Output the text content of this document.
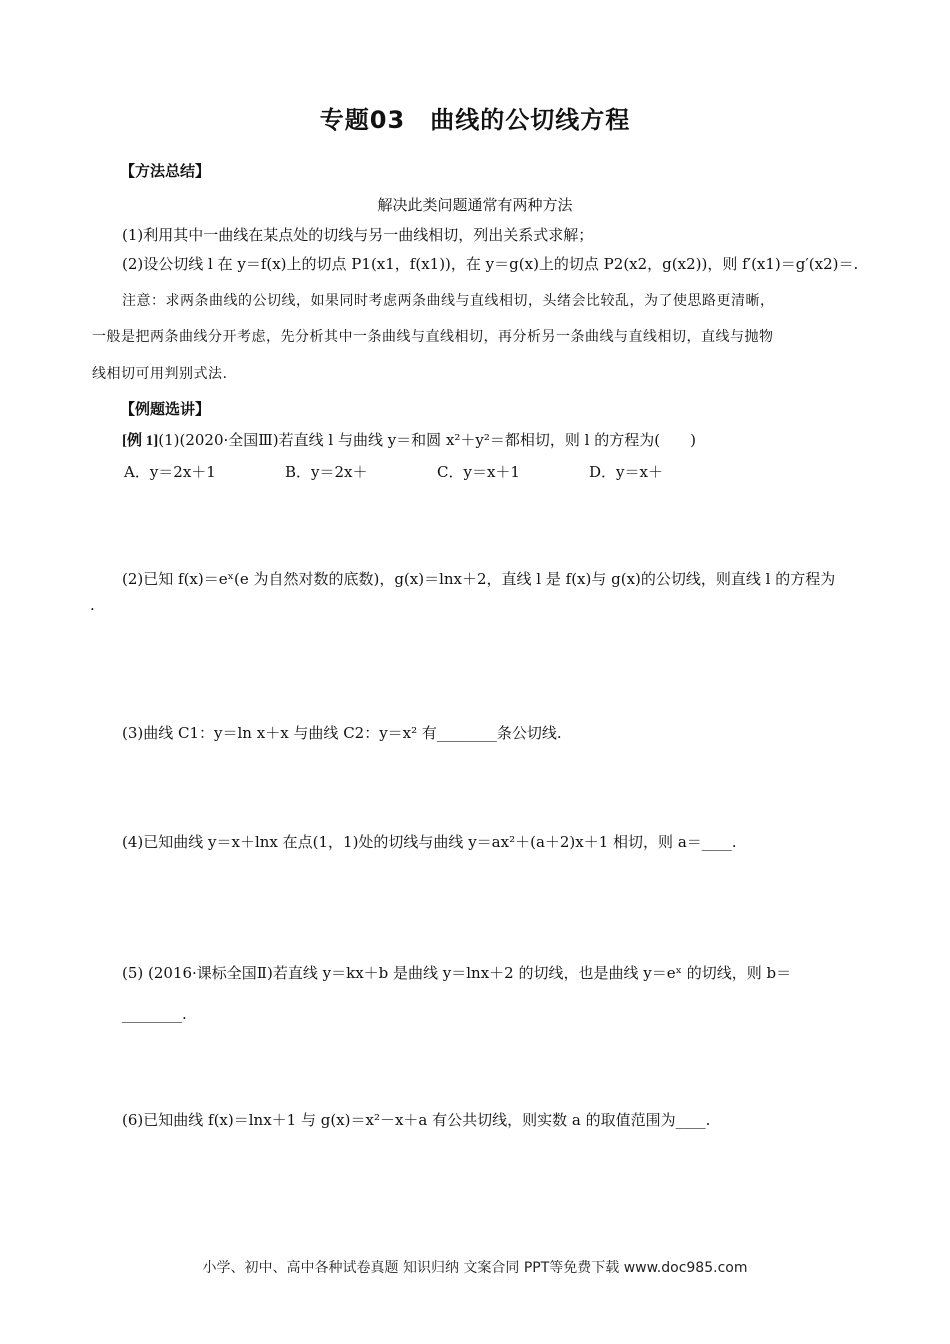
专题03　曲线的公切线方程
【方法总结】
解决此类问题通常有两种方法
(1)利用其中一曲线在某点处的切线与另一曲线相切，列出关系式求解；
(2)设公切线 l 在 y＝f(x)上的切点 P1(x1，f(x1))，在 y＝g(x)上的切点 P2(x2，g(x2))，则 f′(x1)＝g′(x2)＝.
注意：求两条曲线的公切线，如果同时考虑两条曲线与直线相切，头绪会比较乱，为了使思路更清晰，
一般是把两条曲线分开考虑，先分析其中一条曲线与直线相切，再分析另一条曲线与直线相切，直线与抛物
线相切可用判别式法.
【例题选讲】
[例 1](1)(2020·全国Ⅲ)若直线 l 与曲线 y＝和圆 x²＋y²＝都相切，则 l 的方程为(　　)
A．y＝2x＋1	B．y＝2x＋	C．y＝x＋1	D．y＝x＋
(2)已知 f(x)＝eˣ(e 为自然对数的底数)，g(x)＝lnx＋2，直线 l 是 f(x)与 g(x)的公切线，则直线 l 的方程为
.
(3)曲线 C1：y＝ln x＋x 与曲线 C2：y＝x² 有________条公切线.
(4)已知曲线 y＝x＋lnx 在点(1，1)处的切线与曲线 y＝ax²＋(a＋2)x＋1 相切，则 a＝____.
(5) (2016·课标全国Ⅱ)若直线 y＝kx＋b 是曲线 y＝lnx＋2 的切线，也是曲线 y＝eˣ 的切线，则 b＝
________.
(6)已知曲线 f(x)＝lnx＋1 与 g(x)＝x²－x＋a 有公共切线，则实数 a 的取值范围为____.
小学、初中、高中各种试卷真题 知识归纳 文案合同 PPT等免费下载 www.doc985.com
